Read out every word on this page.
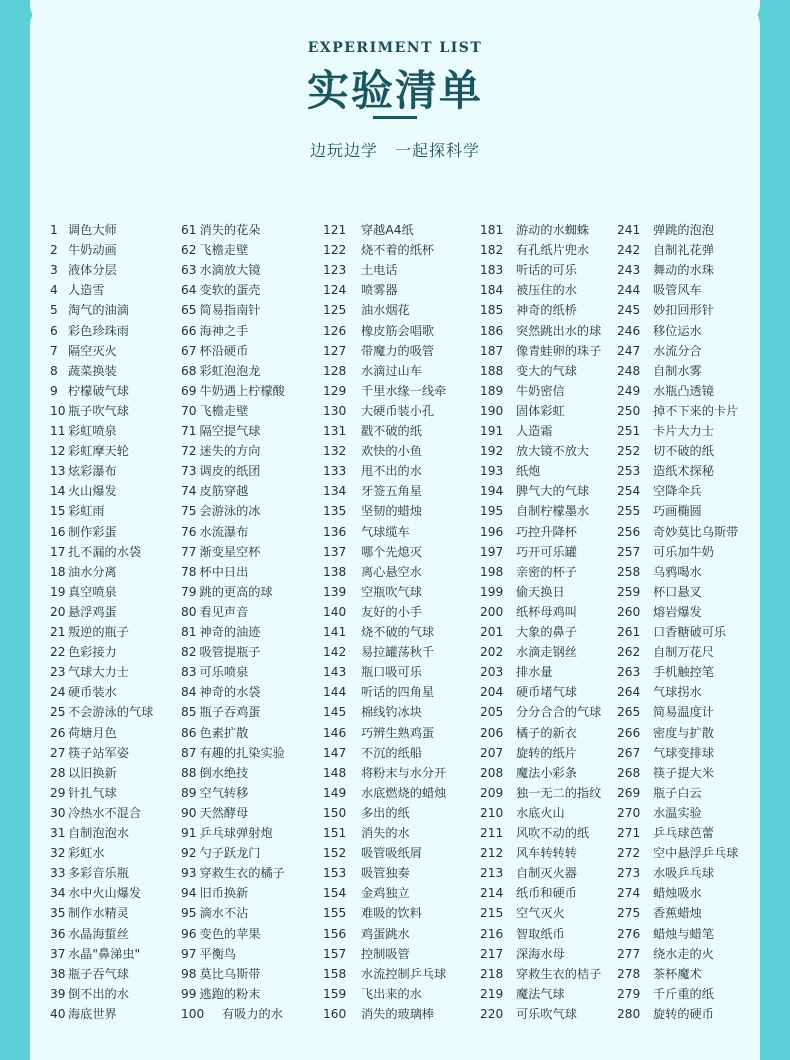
EXPERIMENT LIST
实验清单
边玩边学　一起探科学
1 调色大师
2 牛奶动画
3 液体分层
4 人造雪
5 淘气的油滴
6 彩色珍珠雨
7 隔空灭火
8 蔬菜换装
9 柠檬破气球
10 瓶子吹气球
11 彩虹喷泉
12 彩虹摩天轮
13 炫彩瀑布
14 火山爆发
15 彩虹雨
16 制作彩蛋
17 扎不漏的水袋
18 油水分离
19 真空喷泉
20 悬浮鸡蛋
21 叛逆的瓶子
22 色彩接力
23 气球大力士
24 硬币装水
25 不会游泳的气球
26 荷塘月色
27 筷子站军姿
28 以旧换新
29 针扎气球
30 冷热水不混合
31 自制泡泡水
32 彩虹水
33 多彩音乐瓶
34 水中火山爆发
35 制作水精灵
36 水晶海蜇丝
37 水晶"鼻涕虫"
38 瓶子吞气球
39 倒不出的水
40 海底世界
61 消失的花朵
62 飞檐走壁
63 水滴放大镜
64 变软的蛋壳
65 简易指南针
66 海神之手
67 杯沿硬币
68 彩虹泡泡龙
69 牛奶遇上柠檬酸
70 飞檐走壁
71 隔空提气球
72 迷失的方向
73 调皮的纸团
74 皮筋穿越
75 会游泳的冰
76 水流瀑布
77 渐变星空杯
78 杯中日出
79 跳的更高的球
80 看见声音
81 神奇的油迹
82 吸管提瓶子
83 可乐喷泉
84 神奇的水袋
85 瓶子吞鸡蛋
86 色素扩散
87 有趣的扎染实验
88 倒水绝技
89 空气转移
90 天然酵母
91 乒乓球弹射炮
92 勺子跃龙门
93 穿救生衣的橘子
94 旧币换新
95 滴水不沾
96 变色的苹果
97 平衡鸟
98 莫比乌斯带
99 逃跑的粉末
100 有吸力的水
121 穿越A4纸
122 烧不着的纸杯
123 土电话
124 喷雾器
125 油水烟花
126 橡皮筋会唱歌
127 带魔力的吸管
128 水滴过山车
129 千里水缘一线牵
130 大硬币装小孔
131 戳不破的纸
132 欢快的小鱼
133 甩不出的水
134 牙签五角星
135 坚韧的蜡烛
136 气球缆车
137 哪个先熄灭
138 离心悬空水
139 空瓶吹气球
140 友好的小手
141 烧不破的气球
142 易拉罐荡秋千
143 瓶口吸可乐
144 听话的四角星
145 棉线钓冰块
146 巧辨生熟鸡蛋
147 不沉的纸船
148 将粉末与水分开
149 水底燃烧的蜡烛
150 多出的纸
151 消失的水
152 吸管吸纸屑
153 吸管独奏
154 金鸡独立
155 难吸的饮料
156 鸡蛋跳水
157 控制吸管
158 水流控制乒乓球
159 飞出来的水
160 消失的玻璃棒
181 游动的水蜘蛛
182 有孔纸片兜水
183 听话的可乐
184 被压住的水
185 神奇的纸桥
186 突然跳出水的球
187 像青蛙卵的珠子
188 变大的气球
189 牛奶密信
190 固体彩虹
191 人造霜
192 放大镜不放大
193 纸炮
194 脾气大的气球
195 自制柠檬墨水
196 巧控升降杯
197 巧开可乐罐
198 亲密的杯子
199 偷天换日
200 纸杯母鸡叫
201 大象的鼻子
202 水滴走钢丝
203 排水量
204 硬币堵气球
205 分分合合的气球
206 橘子的新衣
207 旋转的纸片
208 魔法小彩条
209 独一无二的指纹
210 水底火山
211 风吹不动的纸
212 风车转转转
213 自制灭火器
214 纸币和硬币
215 空气灭火
216 智取纸币
217 深海水母
218 穿救生衣的桔子
219 魔法气球
220 可乐吹气球
241 弹跳的泡泡
242 自制礼花弹
243 舞动的水珠
244 吸管风车
245 妙扣回形针
246 移位运水
247 水流分合
248 自制水雾
249 水瓶凸透镜
250 掉不下来的卡片
251 卡片大力士
252 切不破的纸
253 造纸术探秘
254 空降伞兵
255 巧画椭圆
256 奇妙莫比乌斯带
257 可乐加牛奶
258 乌鸦喝水
259 杯口悬叉
260 熔岩爆发
261 口香糖破可乐
262 自制万花尺
263 手机触控笔
264 气球拐水
265 简易温度计
266 密度与扩散
267 气球变排球
268 筷子提大米
269 瓶子白云
270 水温实验
271 乒乓球芭蕾
272 空中悬浮乒乓球
273 水吸乒乓球
274 蜡烛吸水
275 香蕉蜡烛
276 蜡烛与蜡笔
277 绕水走的火
278 茶杯魔术
279 千斤重的纸
280 旋转的硬币
